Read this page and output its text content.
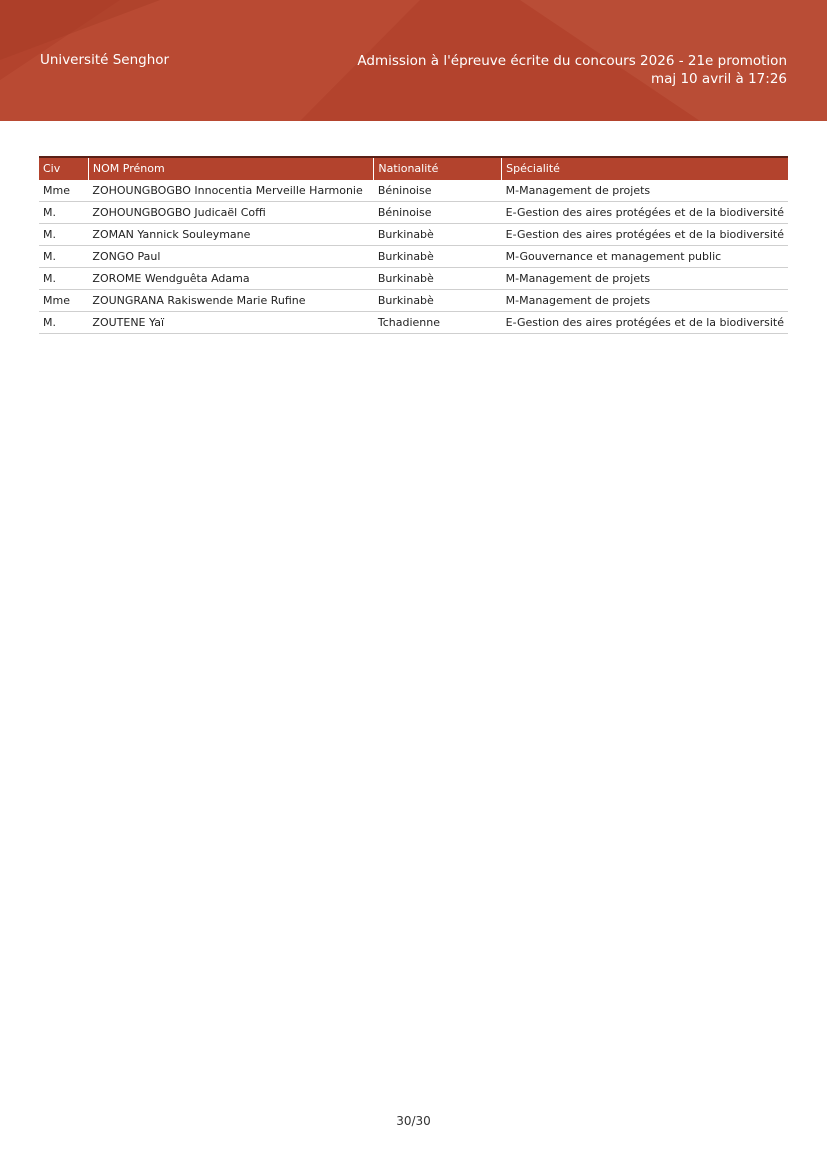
Université Senghor	Admission à l'épreuve écrite du concours 2026 - 21e promotion
maj 10 avril à 17:26
Civ	NOM Prénom	Nationalité	Spécialité
Mme	ZOHOUNGBOGBO Innocentia Merveille Harmonie	Béninoise	M-Management de projets
M.	ZOHOUNGBOGBO Judicaël Coffi	Béninoise	E-Gestion des aires protégées et de la biodiversité
M.	ZOMAN Yannick Souleymane	Burkinabè	E-Gestion des aires protégées et de la biodiversité
M.	ZONGO Paul	Burkinabè	M-Gouvernance et management public
M.	ZOROME Wendguêta Adama	Burkinabè	M-Management de projets
Mme	ZOUNGRANA Rakiswende Marie Rufine	Burkinabè	M-Management de projets
M.	ZOUTENE Yaï	Tchadienne	E-Gestion des aires protégées et de la biodiversité
30/30
